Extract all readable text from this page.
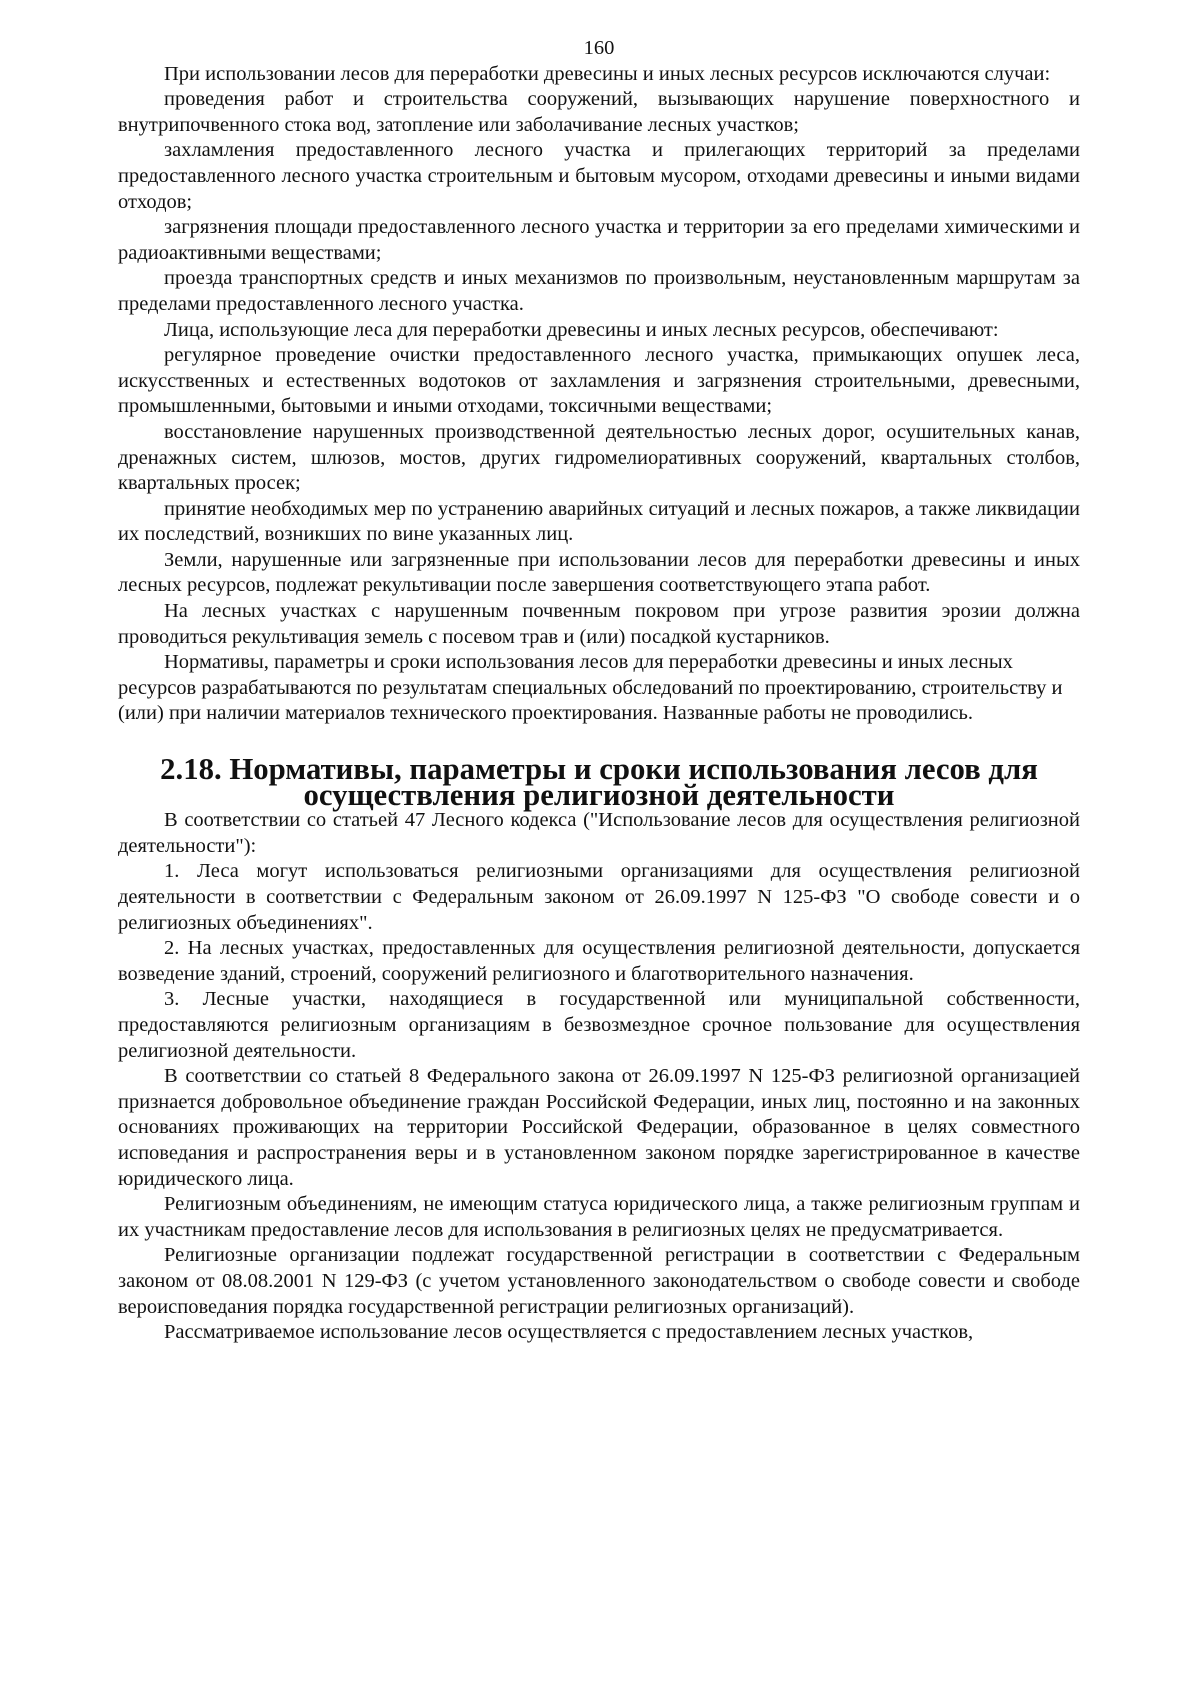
160

При использовании лесов для переработки древесины и иных лесных ресурсов исключаются случаи:

проведения работ и строительства сооружений, вызывающих нарушение поверхностного и внутрипочвенного стока вод, затопление или заболачивание лесных участков;

захламления предоставленного лесного участка и прилегающих территорий за пределами предоставленного лесного участка строительным и бытовым мусором, отходами древесины и иными видами отходов;

загрязнения площади предоставленного лесного участка и территории за его пределами химическими и радиоактивными веществами;

проезда транспортных средств и иных механизмов по произвольным, неустановленным маршрутам за пределами предоставленного лесного участка.

Лица, использующие леса для переработки древесины и иных лесных ресурсов, обеспечивают:

регулярное проведение очистки предоставленного лесного участка, примыкающих опушек леса, искусственных и естественных водотоков от захламления и загрязнения строительными, древесными, промышленными, бытовыми и иными отходами, токсичными веществами;

восстановление нарушенных производственной деятельностью лесных дорог, осушительных канав, дренажных систем, шлюзов, мостов, других гидромелиоративных сооружений, квартальных столбов, квартальных просек;

принятие необходимых мер по устранению аварийных ситуаций и лесных пожаров, а также ликвидации их последствий, возникших по вине указанных лиц.

Земли, нарушенные или загрязненные при использовании лесов для переработки древесины и иных лесных ресурсов, подлежат рекультивации после завершения соответствующего этапа работ.

На лесных участках с нарушенным почвенным покровом при угрозе развития эрозии должна проводиться рекультивация земель с посевом трав и (или) посадкой кустарников.

Нормативы, параметры и сроки использования лесов для переработки древесины и иных лесных ресурсов разрабатываются по результатам специальных обследований по проектированию, строительству и (или) при наличии материалов технического проектирования. Названные работы не проводились.

2.18. Нормативы, параметры и сроки использования лесов для осуществления религиозной деятельности

В соответствии со статьей 47 Лесного кодекса ("Использование лесов для осуществления религиозной деятельности"):

1. Леса могут использоваться религиозными организациями для осуществления религиозной деятельности в соответствии с Федеральным законом от 26.09.1997 N 125-ФЗ "О свободе совести и о религиозных объединениях".

2. На лесных участках, предоставленных для осуществления религиозной деятельности, допускается возведение зданий, строений, сооружений религиозного и благотворительного назначения.

3. Лесные участки, находящиеся в государственной или муниципальной собственности, предоставляются религиозным организациям в безвозмездное срочное пользование для осуществления религиозной деятельности.

В соответствии со статьей 8 Федерального закона от 26.09.1997 N 125-ФЗ религиозной организацией признается добровольное объединение граждан Российской Федерации, иных лиц, постоянно и на законных основаниях проживающих на территории Российской Федерации, образованное в целях совместного исповедания и распространения веры и в установленном законом порядке зарегистрированное в качестве юридического лица.

Религиозным объединениям, не имеющим статуса юридического лица, а также религиозным группам и их участникам предоставление лесов для использования в религиозных целях не предусматривается.

Религиозные организации подлежат государственной регистрации в соответствии с Федеральным законом от 08.08.2001 N 129-ФЗ (с учетом установленного законодательством о свободе совести и свободе вероисповедания порядка государственной регистрации религиозных организаций).

Рассматриваемое использование лесов осуществляется с предоставлением лесных участков,
